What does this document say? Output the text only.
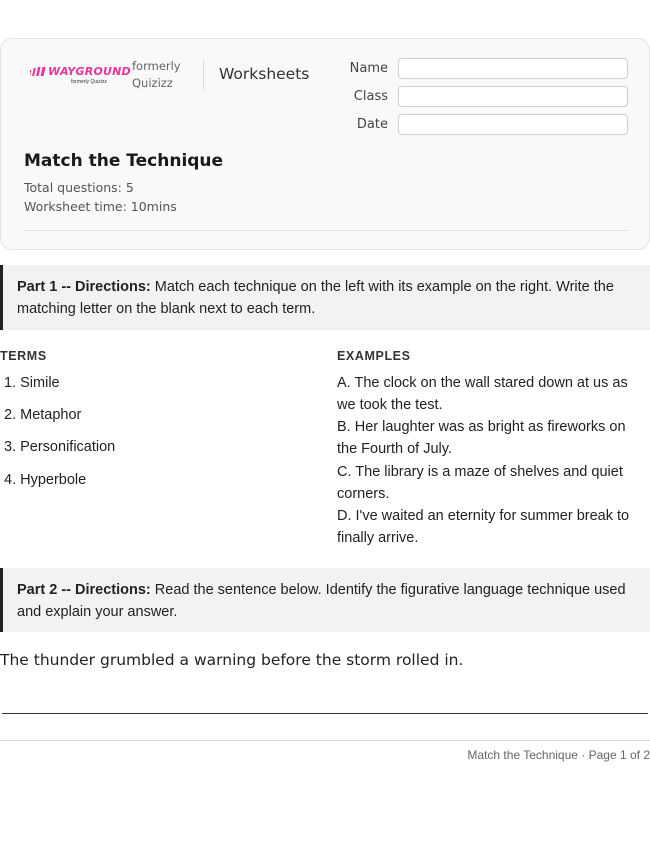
WAYGROUND
formerly Quizizz
formerly Quizizz	Worksheets	Name
Class
Date
Match the Technique
Total questions: 5
Worksheet time: 10mins
Part 1 -- Directions: Match each technique on the left with its example on the right. Write the matching letter on the blank next to each term.
TERMS	EXAMPLES
1. Simile
2. Metaphor
3. Personification
4. Hyperbole
A. The clock on the wall stared down at us as we took the test.
B. Her laughter was as bright as fireworks on the Fourth of July.
C. The library is a maze of shelves and quiet corners.
D. I've waited an eternity for summer break to finally arrive.
Part 2 -- Directions: Read the sentence below. Identify the figurative language technique used and explain your answer.
The thunder grumbled a warning before the storm rolled in.
Match the Technique · Page 1 of 2
